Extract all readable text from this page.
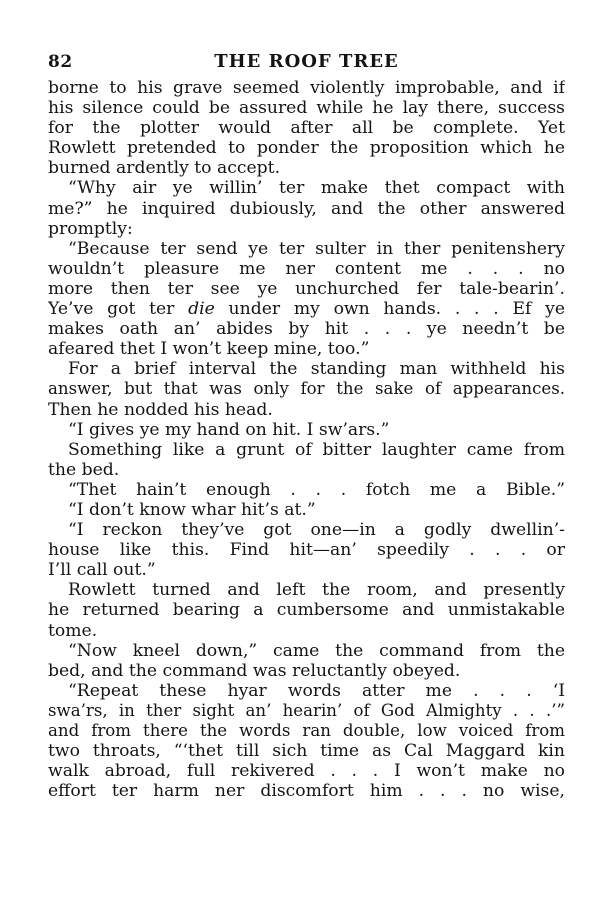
82	THE ROOF TREE
borne to his grave seemed violently improbable, and if
his silence could be assured while he lay there, success
for the plotter would after all be complete. Yet
Rowlett pretended to ponder the proposition which he
burned ardently to accept.
“Why air ye willin’ ter make thet compact with
me?” he inquired dubiously, and the other answered
promptly:
“Because ter send ye ter sulter in ther penitenshery
wouldn’t pleasure me ner content me . . . no
more then ter see ye unchurched fer tale-bearin’.
Ye’ve got ter die under my own hands. . . . Ef ye
makes oath an’ abides by hit . . . ye needn’t be
afeared thet I won’t keep mine, too.”
For a brief interval the standing man withheld his
answer, but that was only for the sake of appearances.
Then he nodded his head.
“I gives ye my hand on hit. I sw’ars.”
Something like a grunt of bitter laughter came from
the bed.
“Thet hain’t enough . . . fotch me a Bible.”
“I don’t know whar hit’s at.”
“I reckon they’ve got one—in a godly dwellin’-
house like this. Find hit—an’ speedily . . . or
I’ll call out.”
Rowlett turned and left the room, and presently
he returned bearing a cumbersome and unmistakable
tome.
“Now kneel down,” came the command from the
bed, and the command was reluctantly obeyed.
“Repeat these hyar words atter me . . . ‘I
swa’rs, in ther sight an’ hearin’ of God Almighty . . .’”
and from there the words ran double, low voiced from
two throats, “‘thet till sich time as Cal Maggard kin
walk abroad, full rekivered . . . I won’t make no
effort ter harm ner discomfort him . . . no wise,
